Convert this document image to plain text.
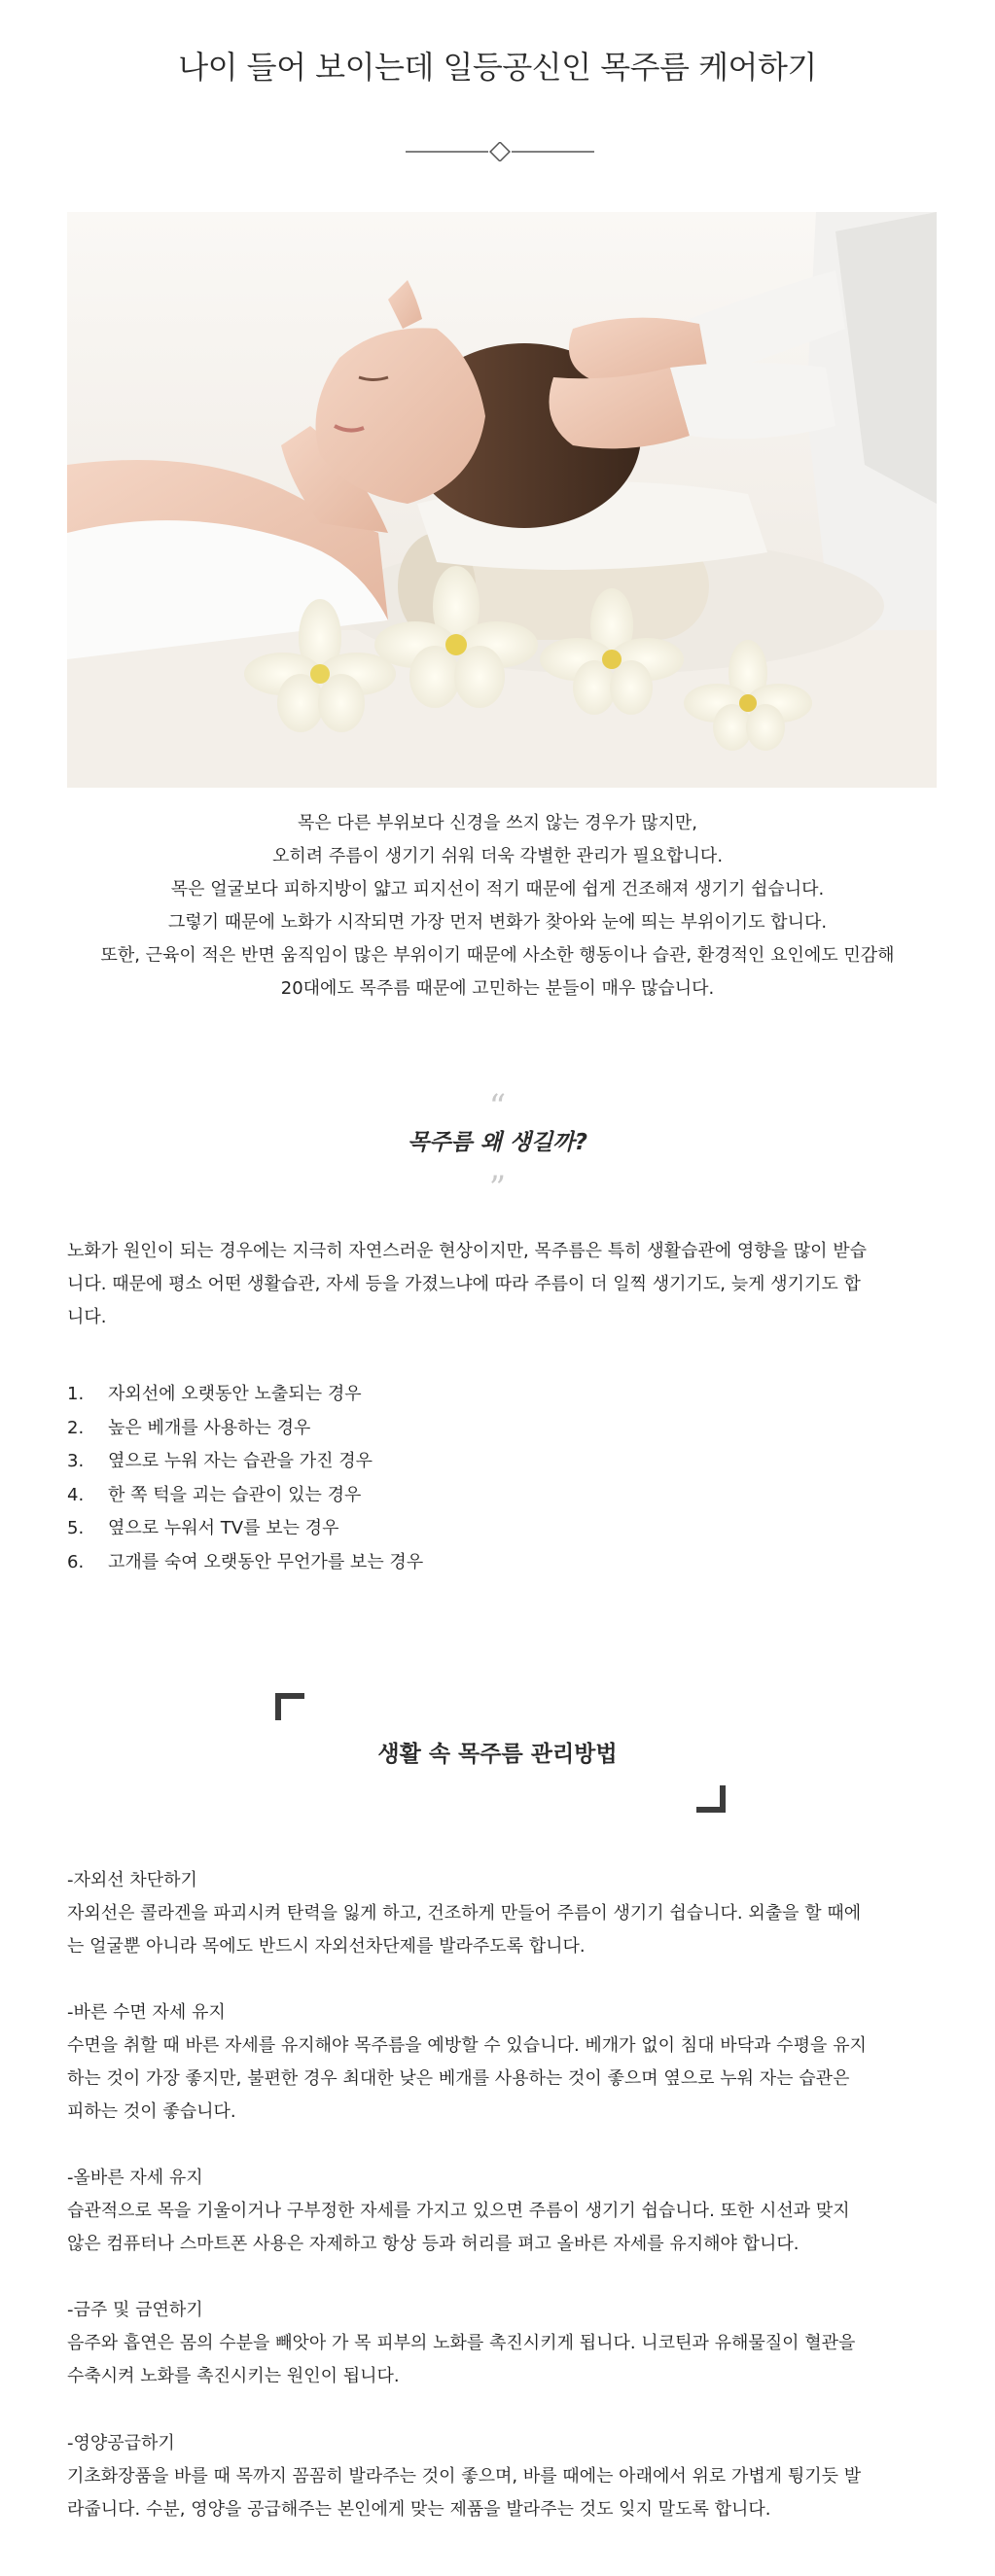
나이 들어 보이는데 일등공신인 목주름 케어하기
목은 다른 부위보다 신경을 쓰지 않는 경우가 많지만,
오히려 주름이 생기기 쉬워 더욱 각별한 관리가 필요합니다.
목은 얼굴보다 피하지방이 얇고 피지선이 적기 때문에 쉽게 건조해져 생기기 쉽습니다.
그렇기 때문에 노화가 시작되면 가장 먼저 변화가 찾아와 눈에 띄는 부위이기도 합니다.
또한, 근육이 적은 반면 움직임이 많은 부위이기 때문에 사소한 행동이나 습관, 환경적인 요인에도 민감해
20대에도 목주름 때문에 고민하는 분들이 매우 많습니다.
“
목주름 왜 생길까?
”
노화가 원인이 되는 경우에는 지극히 자연스러운 현상이지만, 목주름은 특히 생활습관에 영향을 많이 받습
니다. 때문에 평소 어떤 생활습관, 자세 등을 가졌느냐에 따라 주름이 더 일찍 생기기도, 늦게 생기기도 합
니다.
1.	자외선에 오랫동안 노출되는 경우
2.	높은 베개를 사용하는 경우
3.	옆으로 누워 자는 습관을 가진 경우
4.	한 쪽 턱을 괴는 습관이 있는 경우
5.	옆으로 누워서 TV를 보는 경우
6.	고개를 숙여 오랫동안 무언가를 보는 경우
생활 속 목주름 관리방법
-자외선 차단하기
자외선은 콜라겐을 파괴시켜 탄력을 잃게 하고, 건조하게 만들어 주름이 생기기 쉽습니다. 외출을 할 때에
는 얼굴뿐 아니라 목에도 반드시 자외선차단제를 발라주도록 합니다.
-바른 수면 자세 유지
수면을 취할 때 바른 자세를 유지해야 목주름을 예방할 수 있습니다. 베개가 없이 침대 바닥과 수평을 유지
하는 것이 가장 좋지만, 불편한 경우 최대한 낮은 베개를 사용하는 것이 좋으며 옆으로 누워 자는 습관은
피하는 것이 좋습니다.
-올바른 자세 유지
습관적으로 목을 기울이거나 구부정한 자세를 가지고 있으면 주름이 생기기 쉽습니다. 또한 시선과 맞지
않은 컴퓨터나 스마트폰 사용은 자제하고 항상 등과 허리를 펴고 올바른 자세를 유지해야 합니다.
-금주 및 금연하기
음주와 흡연은 몸의 수분을 빼앗아 가 목 피부의 노화를 촉진시키게 됩니다. 니코틴과 유해물질이 혈관을
수축시켜 노화를 촉진시키는 원인이 됩니다.
-영양공급하기
기초화장품을 바를 때 목까지 꼼꼼히 발라주는 것이 좋으며, 바를 때에는 아래에서 위로 가볍게 튕기듯 발
라줍니다. 수분, 영양을 공급해주는 본인에게 맞는 제품을 발라주는 것도 잊지 말도록 합니다.
